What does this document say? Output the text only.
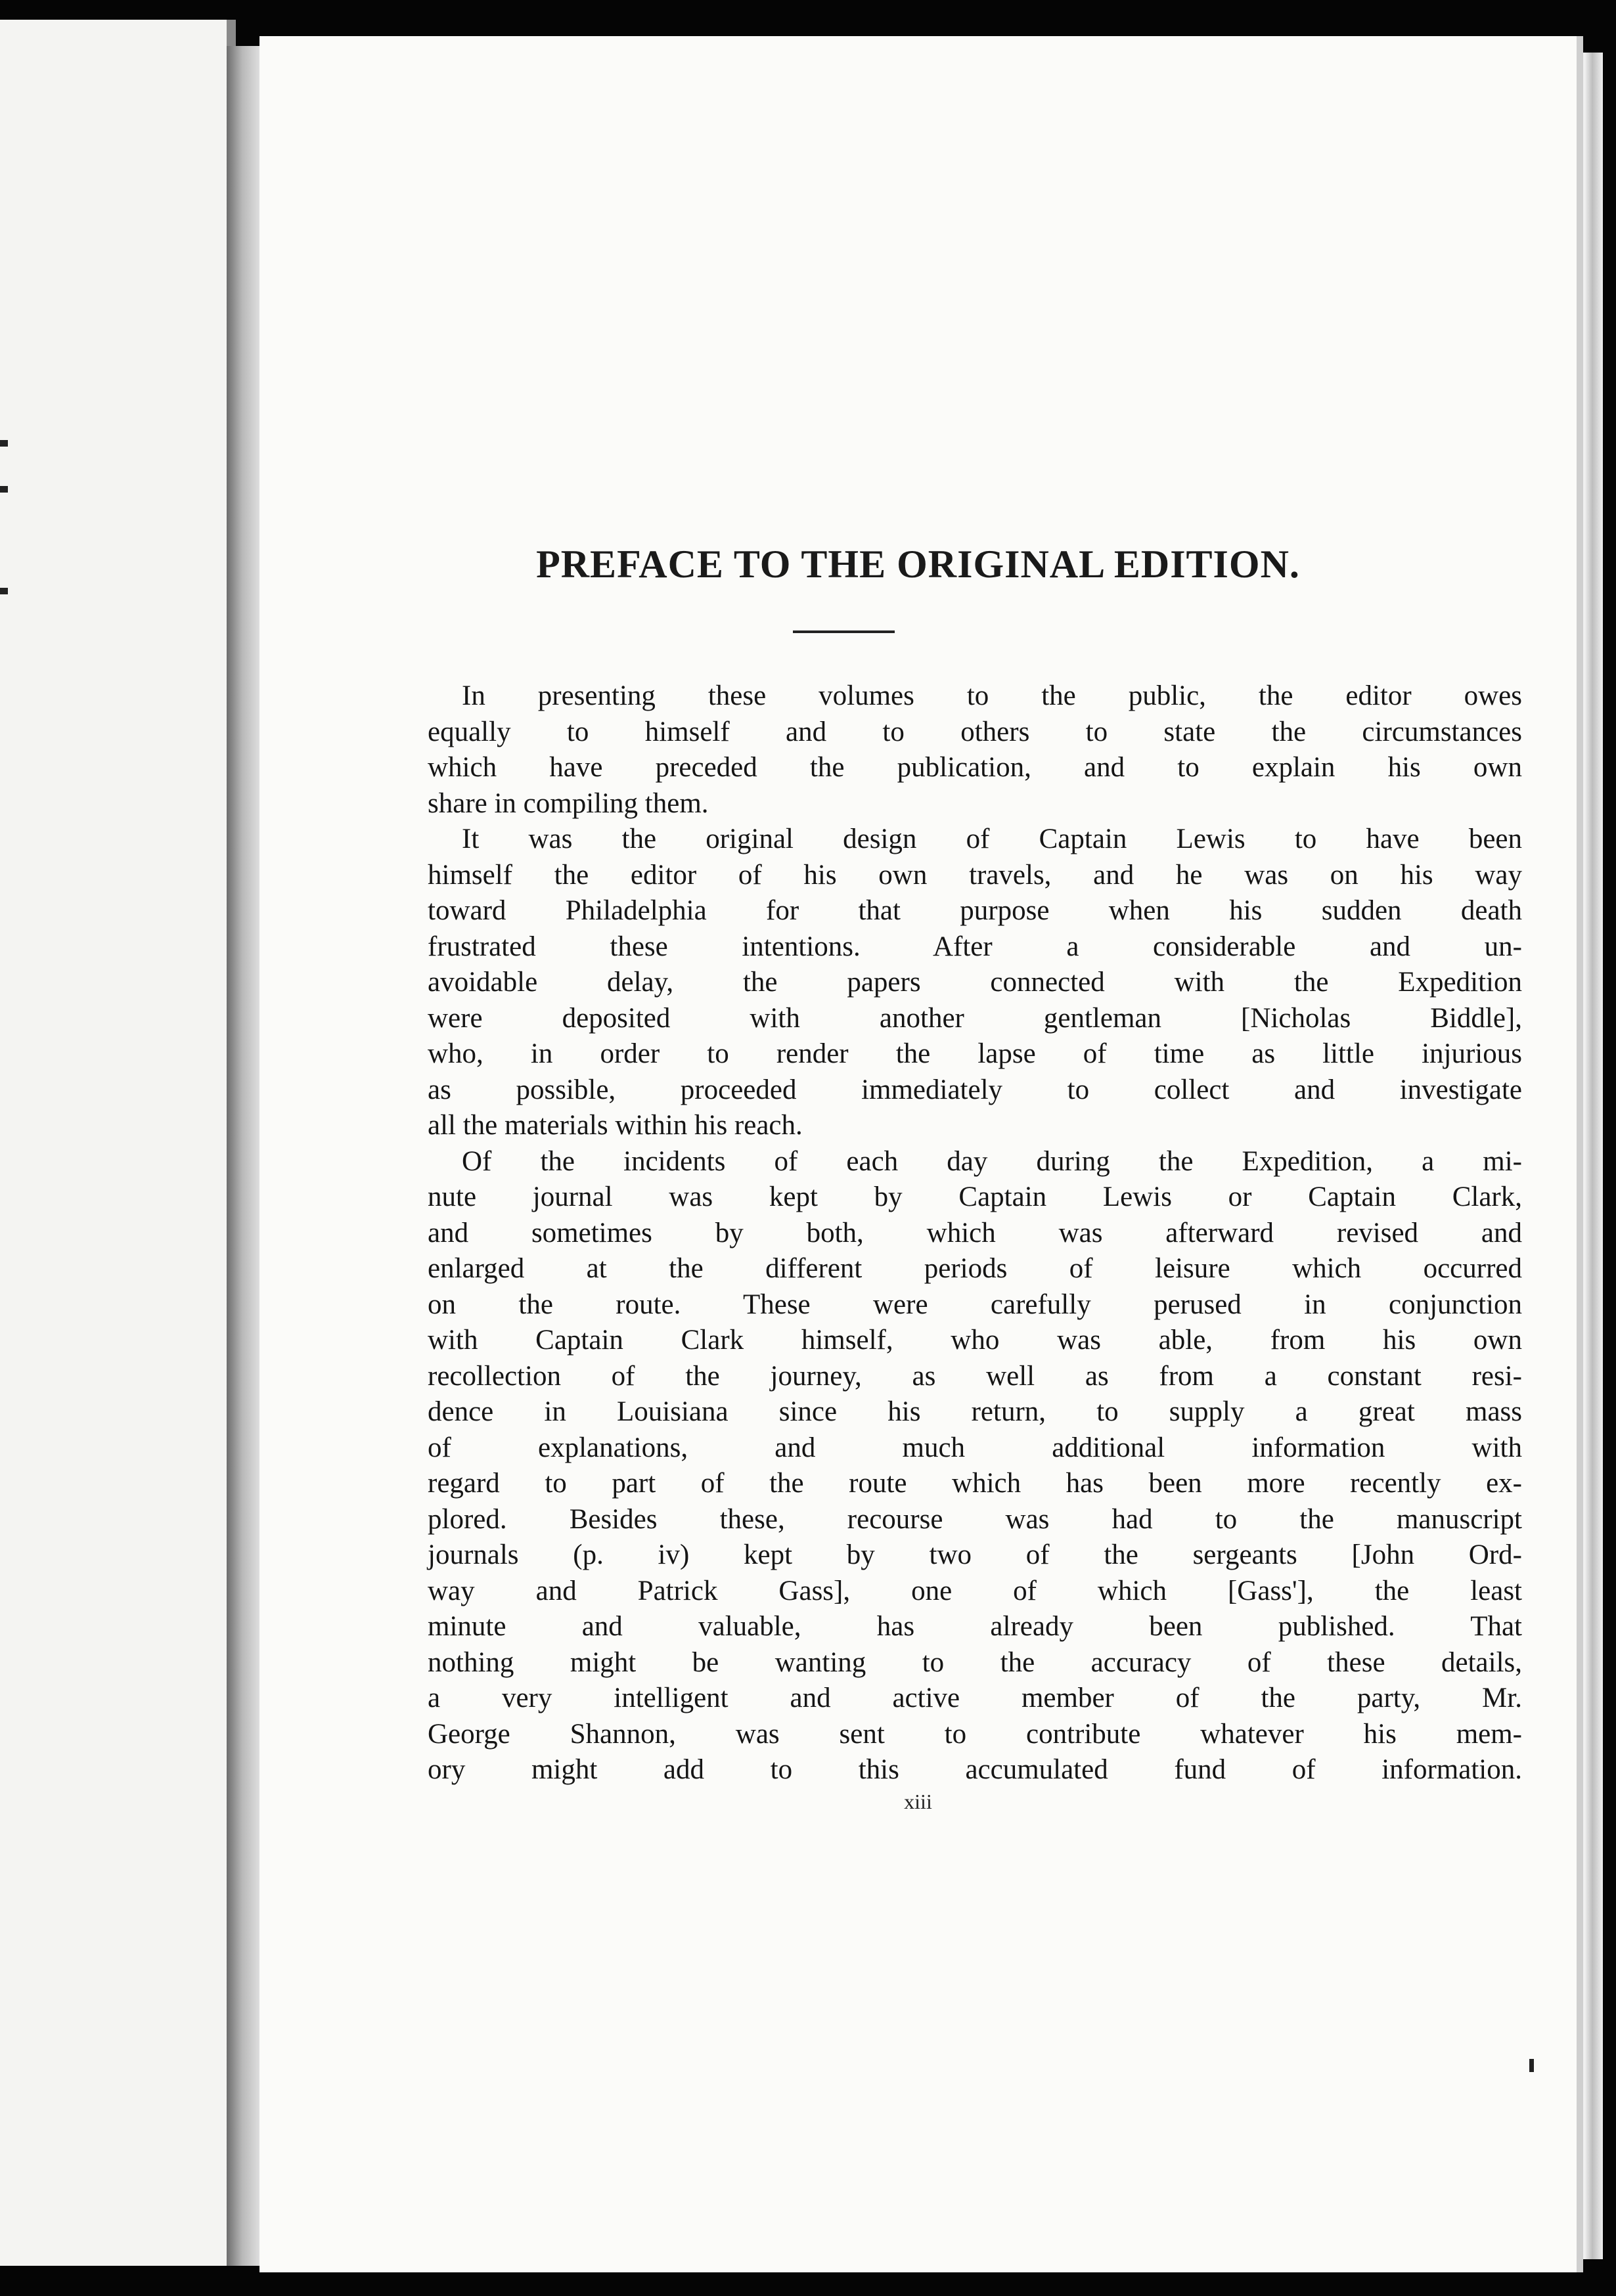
PREFACE TO THE ORIGINAL EDITION.
In presenting these volumes to the public, the editor owes
equally to himself and to others to state the circumstances
which have preceded the publication, and to explain his own
share in compiling them.
It was the original design of Captain Lewis to have been
himself the editor of his own travels, and he was on his way
toward Philadelphia for that purpose when his sudden death
frustrated these intentions. After a considerable and un-
avoidable delay, the papers connected with the Expedition
were deposited with another gentleman [Nicholas Biddle],
who, in order to render the lapse of time as little injurious
as possible, proceeded immediately to collect and investigate
all the materials within his reach.
Of the incidents of each day during the Expedition, a mi-
nute journal was kept by Captain Lewis or Captain Clark,
and sometimes by both, which was afterward revised and
enlarged at the different periods of leisure which occurred
on the route. These were carefully perused in conjunction
with Captain Clark himself, who was able, from his own
recollection of the journey, as well as from a constant resi-
dence in Louisiana since his return, to supply a great mass
of explanations, and much additional information with
regard to part of the route which has been more recently ex-
plored. Besides these, recourse was had to the manuscript
journals (p. iv) kept by two of the sergeants [John Ord-
way and Patrick Gass], one of which [Gass'], the least
minute and valuable, has already been published. That
nothing might be wanting to the accuracy of these details,
a very intelligent and active member of the party, Mr.
George Shannon, was sent to contribute whatever his mem-
ory might add to this accumulated fund of information.
xiii
